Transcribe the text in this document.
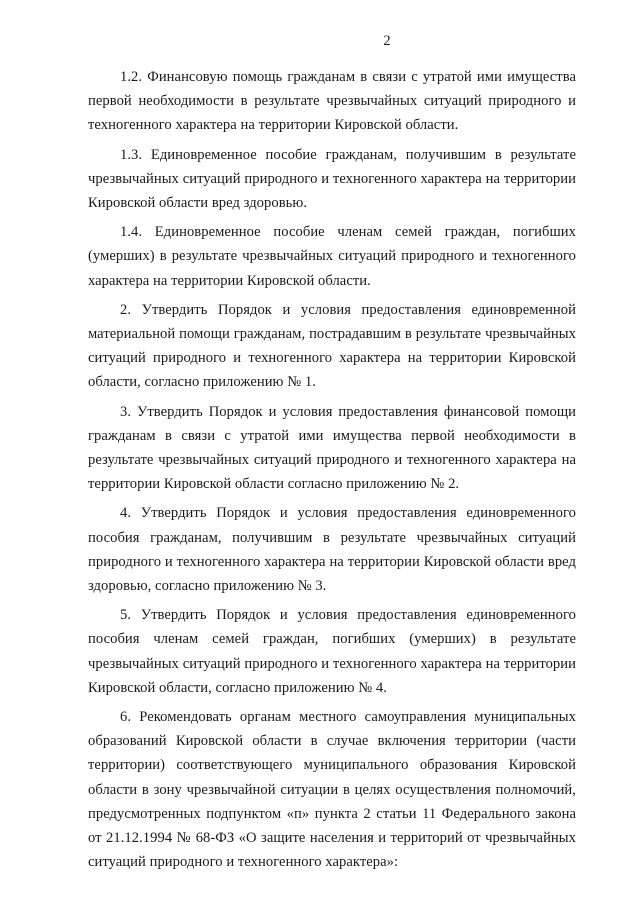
2

1.2. Финансовую помощь гражданам в связи с утратой ими имущества первой необходимости в результате чрезвычайных ситуаций природного и техногенного характера на территории Кировской области.

1.3. Единовременное пособие гражданам, получившим в результате чрезвычайных ситуаций природного и техногенного характера на территории Кировской области вред здоровью.

1.4. Единовременное пособие членам семей граждан, погибших (умерших) в результате чрезвычайных ситуаций природного и техногенного характера на территории Кировской области.

2. Утвердить Порядок и условия предоставления единовременной материальной помощи гражданам, пострадавшим в результате чрезвычайных ситуаций природного и техногенного характера на территории Кировской области, согласно приложению № 1.

3. Утвердить Порядок и условия предоставления финансовой помощи гражданам в связи с утратой ими имущества первой необходимости в результате чрезвычайных ситуаций природного и техногенного характера на территории Кировской области согласно приложению № 2.

4. Утвердить Порядок и условия предоставления единовременного пособия гражданам, получившим в результате чрезвычайных ситуаций природного и техногенного характера на территории Кировской области вред здоровью, согласно приложению № 3.

5. Утвердить Порядок и условия предоставления единовременного пособия членам семей граждан, погибших (умерших) в результате чрезвычайных ситуаций природного и техногенного характера на территории Кировской области, согласно приложению № 4.

6. Рекомендовать органам местного самоуправления муниципальных образований Кировской области в случае включения территории (части территории) соответствующего муниципального образования Кировской области в зону чрезвычайной ситуации в целях осуществления полномочий, предусмотренных подпунктом «п» пункта 2 статьи 11 Федерального закона от 21.12.1994 № 68-ФЗ «О защите населения и территорий от чрезвычайных ситуаций природного и техногенного характера»:
